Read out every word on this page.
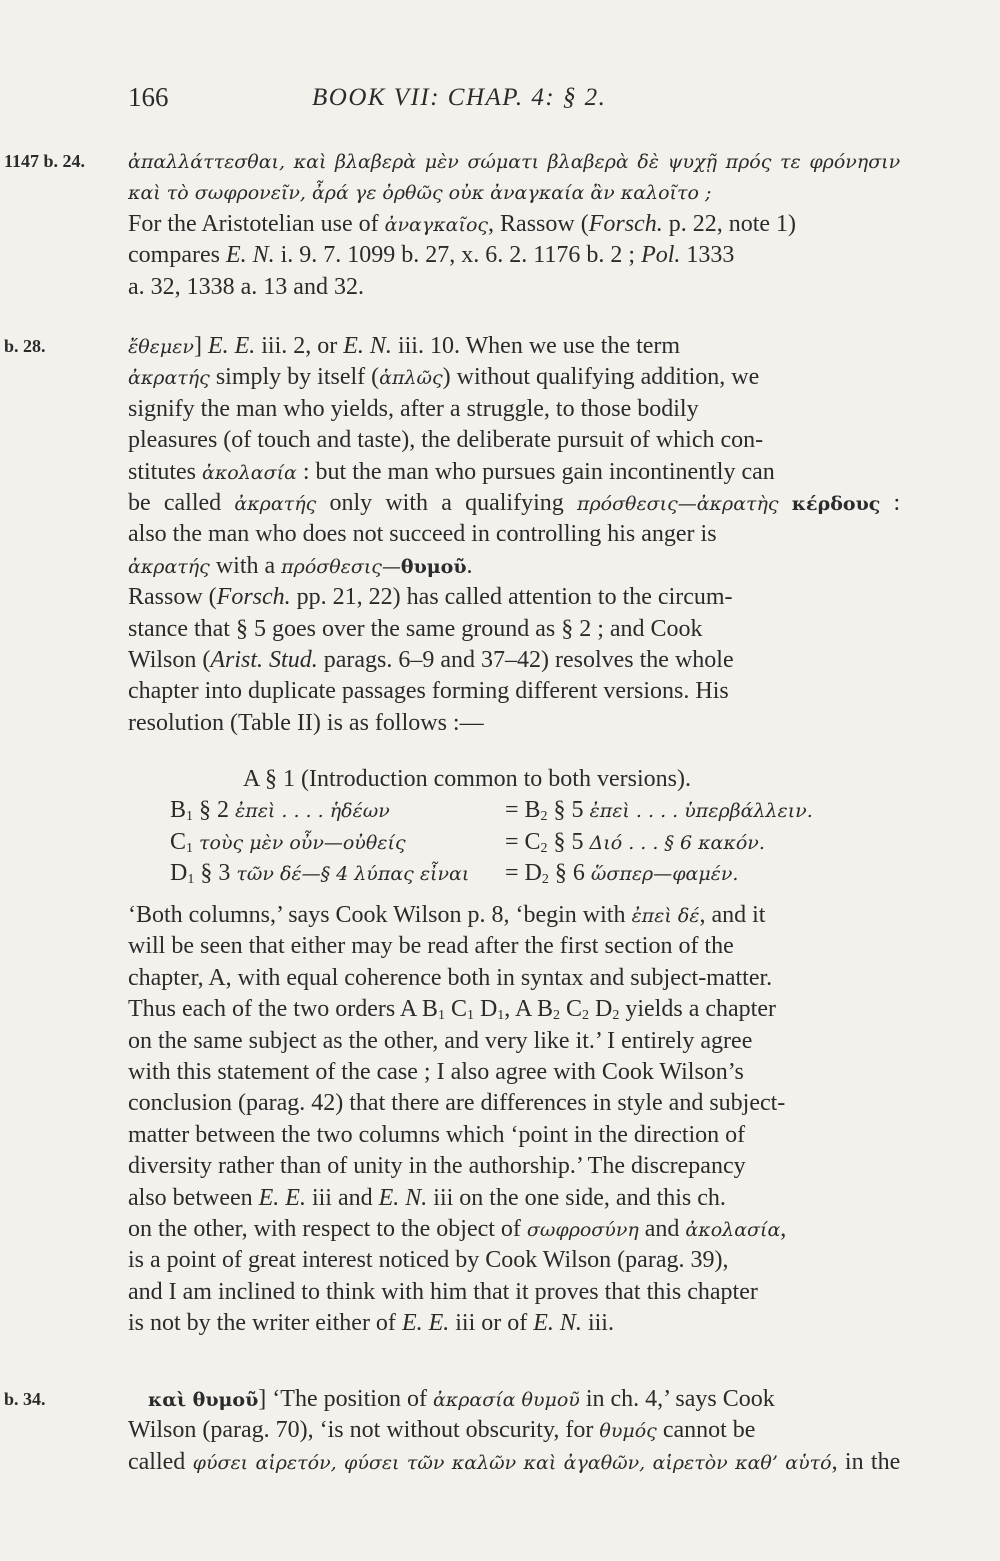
166	BOOK VII: CHAP. 4: § 2.
1147 b. 24. ἀπαλλάττεσθαι, καὶ βλαβερὰ μὲν σώματι βλαβερὰ δὲ ψυχῇ πρός τε φρόνησιν
καὶ τὸ σωφρονεῖν, ἆρά γε ὀρθῶς οὐκ ἀναγκαία ἂν καλοῖτο ;
For the Aristotelian use of ἀναγκαῖος, Rassow (Forsch. p. 22, note 1)
compares E. N. i. 9. 7. 1099 b. 27, x. 6. 2. 1176 b. 2 ; Pol. 1333
a. 32, 1338 a. 13 and 32.
b. 28.	ἔθεμεν] E. E. iii. 2, or E. N. iii. 10. When we use the term
ἀκρατής simply by itself (ἁπλῶς) without qualifying addition, we
signify the man who yields, after a struggle, to those bodily
pleasures (of touch and taste), the deliberate pursuit of which con-
stitutes ἀκολασία : but the man who pursues gain incontinently can
be called ἀκρατής only with a qualifying πρόσθεσις—ἀκρατὴς κέρδους :
also the man who does not succeed in controlling his anger is
ἀκρατής with a πρόσθεσις—θυμοῦ.
Rassow (Forsch. pp. 21, 22) has called attention to the circum-
stance that § 5 goes over the same ground as § 2 ; and Cook
Wilson (Arist. Stud. parags. 6–9 and 37–42) resolves the whole
chapter into duplicate passages forming different versions. His
resolution (Table II) is as follows :—
A § 1 (Introduction common to both versions).
$B_1$ § 2 ἐπεὶ . . . . ἡδέων	= $B_2$ § 5 ἐπεὶ . . . . ὑπερβάλλειν.
$C_1$ τοὺς μὲν οὖν—οὐθείς	= $C_2$ § 5 Διό . . . § 6 κακόν.
$D_1$ § 3 τῶν δέ—§ 4 λύπας εἶναι = $D_2$ § 6 ὥσπερ—φαμέν.
‘Both columns,’ says Cook Wilson p. 8, ‘begin with ἐπεὶ δέ, and it
will be seen that either may be read after the first section of the
chapter, A, with equal coherence both in syntax and subject-matter.
Thus each of the two orders A $B_1$ $C_1$ $D_1$, A $B_2$ $C_2$ $D_2$ yields a chapter
on the same subject as the other, and very like it.’ I entirely agree
with this statement of the case ; I also agree with Cook Wilson’s
conclusion (parag. 42) that there are differences in style and subject-
matter between the two columns which ‘point in the direction of
diversity rather than of unity in the authorship.’ The discrepancy
also between E. E. iii and E. N. iii on the one side, and this ch.
on the other, with respect to the object of σωφροσύνη and ἀκολασία,
is a point of great interest noticed by Cook Wilson (parag. 39),
and I am inclined to think with him that it proves that this chapter
is not by the writer either of E. E. iii or of E. N. iii.
b. 34.	καὶ θυμοῦ] ‘The position of ἀκρασία θυμοῦ in ch. 4,’ says Cook
Wilson (parag. 70), ‘is not without obscurity, for θυμός cannot be
called φύσει αἱρετόν, φύσει τῶν καλῶν καὶ ἀγαθῶν, αἱρετὸν καθ’ αὑτό, in the
